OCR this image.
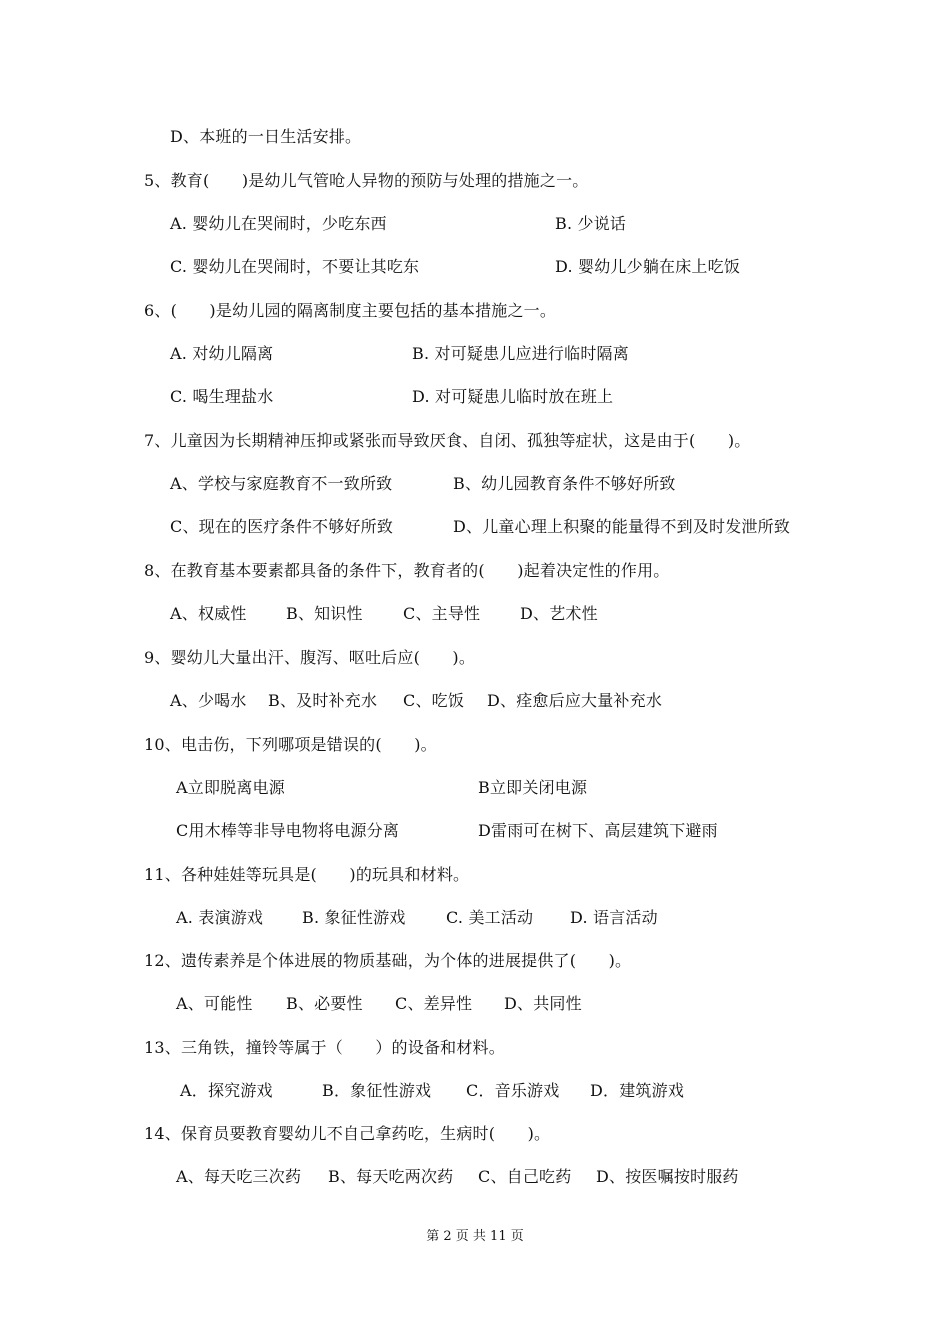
D、本班的一日生活安排。
5、教育(　　)是幼儿气管呛人异物的预防与处理的措施之一。
A. 婴幼儿在哭闹时，少吃东西	B. 少说话
C. 婴幼儿在哭闹时，不要让其吃东	D. 婴幼儿少躺在床上吃饭
6、(　　)是幼儿园的隔离制度主要包括的基本措施之一。
A. 对幼儿隔离	B. 对可疑患儿应进行临时隔离
C. 喝生理盐水	D. 对可疑患儿临时放在班上
7、儿童因为长期精神压抑或紧张而导致厌食、自闭、孤独等症状，这是由于(　　)。
A、学校与家庭教育不一致所致	B、幼儿园教育条件不够好所致
C、现在的医疗条件不够好所致	D、儿童心理上积聚的能量得不到及时发泄所致
8、在教育基本要素都具备的条件下，教育者的(　　)起着决定性的作用。
A、权威性 B、知识性	C、主导性 D、艺术性
9、婴幼儿大量出汗、腹泻、呕吐后应(　　)。
A、少喝水 B、及时补充水 C、吃饭 D、痊愈后应大量补充水
10、电击伤，下列哪项是错误的(　　)。
A立即脱离电源	B立即关闭电源
C用木棒等非导电物将电源分离	D雷雨可在树下、高层建筑下避雨
11、各种娃娃等玩具是(　　)的玩具和材料。
A. 表演游戏 B. 象征性游戏	C. 美工活动 D. 语言活动
12、遗传素养是个体进展的物质基础，为个体的进展提供了(　　)。
A、可能性 B、必要性 C、差异性 D、共同性
13、三角铁，撞铃等属于（　　）的设备和材料。
A．探究游戏	B．象征性游戏 C．音乐游戏 D．建筑游戏
14、保育员要教育婴幼儿不自己拿药吃，生病时(　　)。
A、每天吃三次药 B、每天吃两次药 C、自己吃药 D、按医嘱按时服药
第 2 页 共 11 页
